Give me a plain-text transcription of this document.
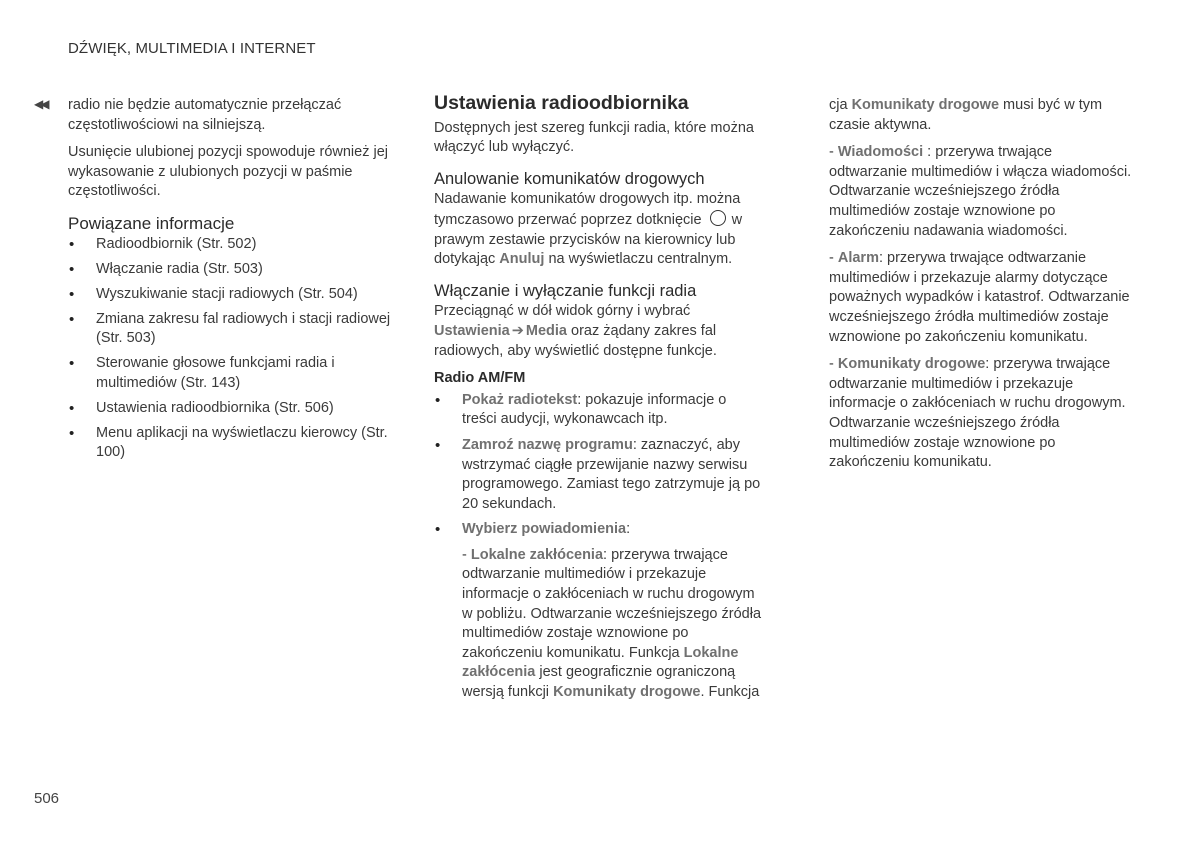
DŹWIĘK, MULTIMEDIA I INTERNET
◀◀ radio nie będzie automatycznie przełączać częstotliwościowi na silniejszą.

Usunięcie ulubionej pozycji spowoduje również jej wykasowanie z ulubionych pozycji w paśmie częstotliwości.

Powiązane informacje
• Radioodbiornik (Str. 502)
• Włączanie radia (Str. 503)
• Wyszukiwanie stacji radiowych (Str. 504)
• Zmiana zakresu fal radiowych i stacji radiowej (Str. 503)
• Sterowanie głosowe funkcjami radia i multimediów (Str. 143)
• Ustawienia radioodbiornika (Str. 506)
• Menu aplikacji na wyświetlaczu kierowcy (Str. 100)
Ustawienia radioodbiornika

Dostępnych jest szereg funkcji radia, które można włączyć lub wyłączyć.

Anulowanie komunikatów drogowych

Nadawanie komunikatów drogowych itp. można tymczasowo przerwać poprzez dotknięcie w prawym zestawie przycisków na kierownicy lub dotykając Anuluj na wyświetlaczu centralnym.

Włączanie i wyłączanie funkcji radia

Przeciągnąć w dół widok górny i wybrać Ustawienia ➔ Media oraz żądany zakres fal radiowych, aby wyświetlić dostępne funkcje.

Radio AM/FM
• Pokaż radiotekst: pokazuje informacje o treści audycji, wykonawcach itp.
• Zamroź nazwę programu: zaznaczyć, aby wstrzymać ciągłe przewijanie nazwy serwisu programowego. Zamiast tego zatrzymuje ją po 20 sekundach.
• Wybierz powiadomienia:
- Lokalne zakłócenia: przerywa trwające odtwarzanie multimediów i przekazuje informacje o zakłóceniach w ruchu drogowym w pobliżu. Odtwarzanie wcześniejszego źródła multimediów zostaje wznowione po zakończeniu komunikatu. Funkcja Lokalne zakłócenia jest geograficznie ograniczoną wersją funkcji Komunikaty drogowe. Funkcja

cja Komunikaty drogowe musi być w tym czasie aktywna.

- Wiadomości : przerywa trwające odtwarzanie multimediów i włącza wiadomości. Odtwarzanie wcześniejszego źródła multimediów zostaje wznowione po zakończeniu nadawania wiadomości.

- Alarm: przerywa trwające odtwarzanie multimediów i przekazuje alarmy dotyczące poważnych wypadków i katastrof. Odtwarzanie wcześniejszego źródła multimediów zostaje wznowione po zakończeniu komunikatu.

- Komunikaty drogowe: przerywa trwające odtwarzanie multimediów i przekazuje informacje o zakłóceniach w ruchu drogowym. Odtwarzanie wcześniejszego źródła multimediów zostaje wznowione po zakończeniu komunikatu.

506
